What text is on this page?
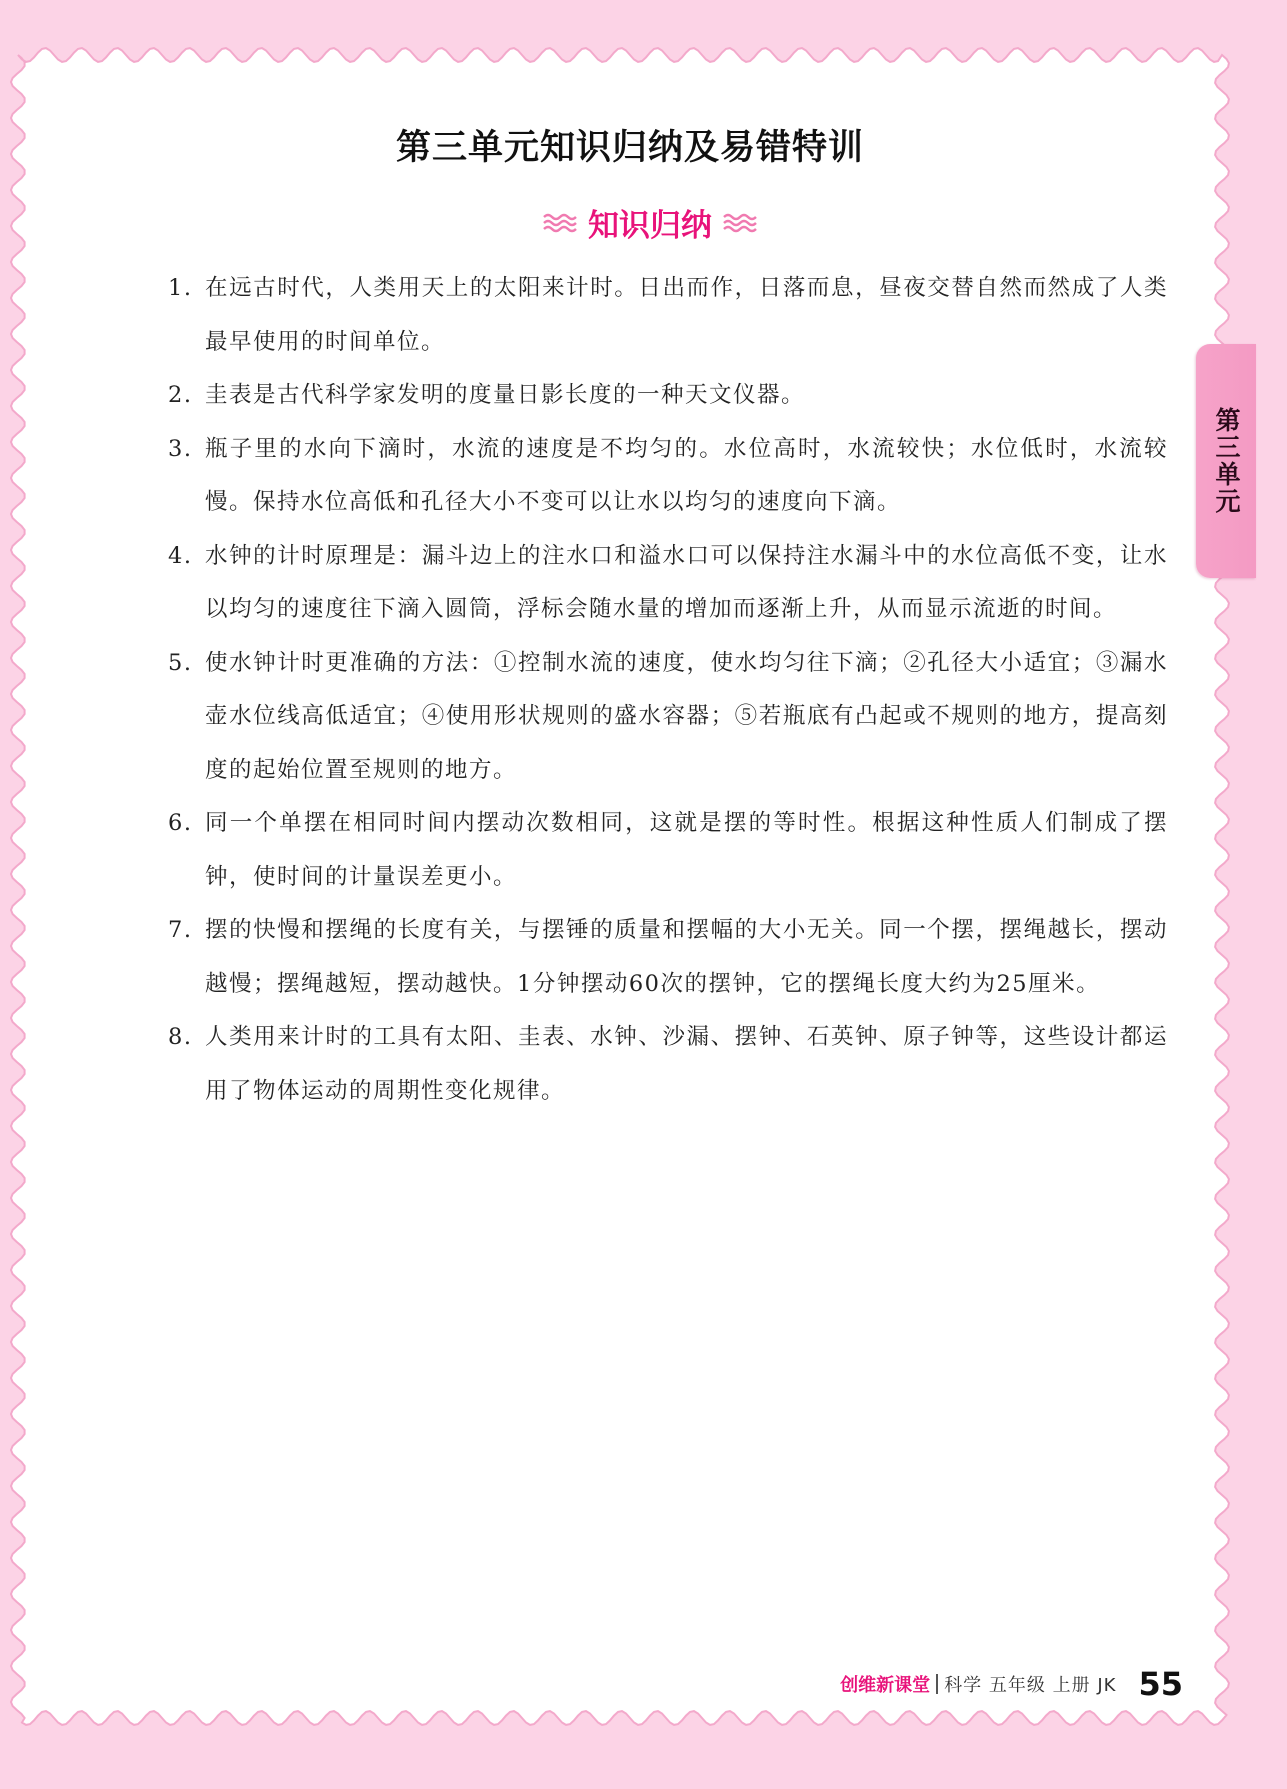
第三单元知识归纳及易错特训
知识归纳
1. 在远古时代，人类用天上的太阳来计时。日出而作，日落而息，昼夜交替自然而然成了人类最早使用的时间单位。
2. 圭表是古代科学家发明的度量日影长度的一种天文仪器。
3. 瓶子里的水向下滴时，水流的速度是不均匀的。水位高时，水流较快；水位低时，水流较慢。保持水位高低和孔径大小不变可以让水以均匀的速度向下滴。
4. 水钟的计时原理是：漏斗边上的注水口和溢水口可以保持注水漏斗中的水位高低不变，让水以均匀的速度往下滴入圆筒，浮标会随水量的增加而逐渐上升，从而显示流逝的时间。
5. 使水钟计时更准确的方法：①控制水流的速度，使水均匀往下滴；②孔径大小适宜；③漏水壶水位线高低适宜；④使用形状规则的盛水容器；⑤若瓶底有凸起或不规则的地方，提高刻度的起始位置至规则的地方。
6. 同一个单摆在相同时间内摆动次数相同，这就是摆的等时性。根据这种性质人们制成了摆钟，使时间的计量误差更小。
7. 摆的快慢和摆绳的长度有关，与摆锤的质量和摆幅的大小无关。同一个摆，摆绳越长，摆动越慢；摆绳越短，摆动越快。1分钟摆动60次的摆钟，它的摆绳长度大约为25厘米。
8. 人类用来计时的工具有太阳、圭表、水钟、沙漏、摆钟、石英钟、原子钟等，这些设计都运用了物体运动的周期性变化规律。
第三单元
创维新课堂 科学 五年级 上册 JK 55
